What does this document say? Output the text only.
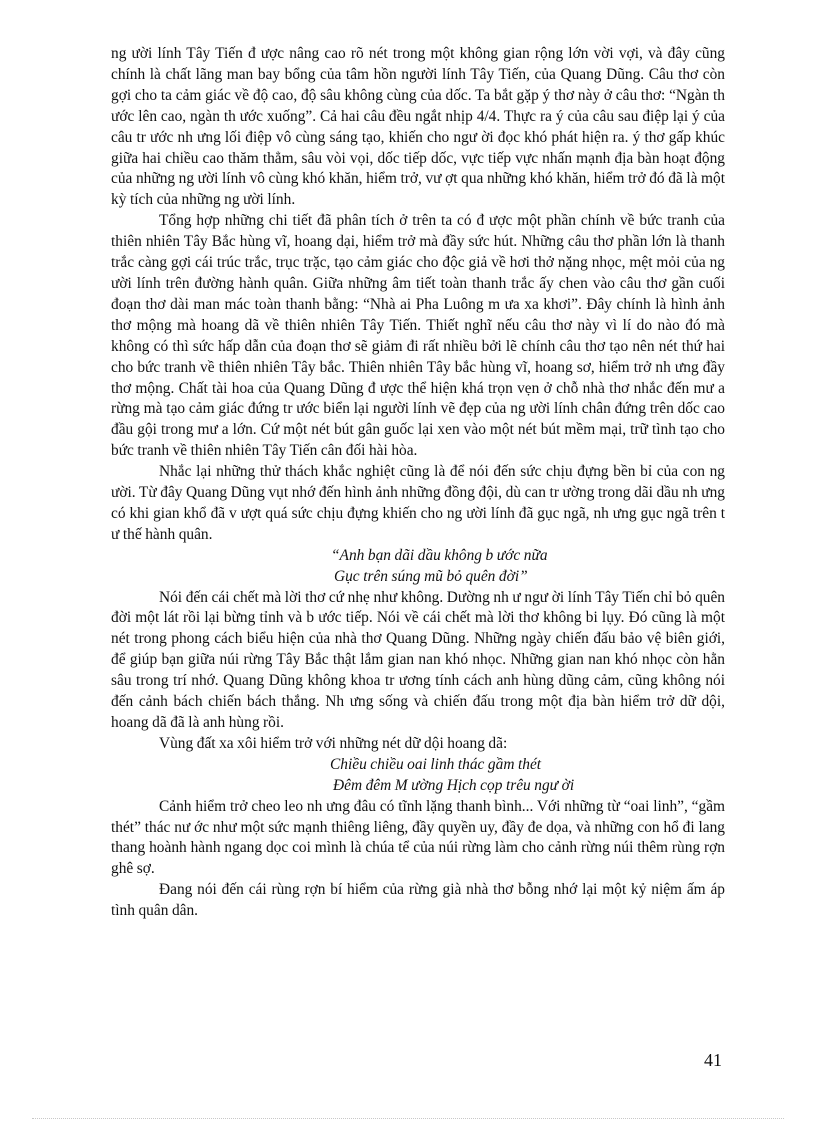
ng ười lính Tây Tiến đ ược nâng cao rõ nét trong một không gian rộng lớn vời vợi, và đây cũng chính là chất lãng man bay bổng của tâm hồn người lính Tây Tiến, của Quang Dũng. Câu thơ còn gợi cho ta cảm giác về độ cao, độ sâu không cùng của dốc. Ta bắt gặp ý thơ này ở câu thơ: “Ngàn th ước lên cao, ngàn th ước xuống”. Cả hai câu đều ngắt nhịp 4/4. Thực ra ý của câu sau điệp lại ý của câu tr ước nh ưng lối điệp vô cùng sáng tạo, khiến cho ngư ời đọc khó phát hiện ra. ý thơ gấp khúc giữa hai chiều cao thăm thẳm, sâu vòi vọi, dốc tiếp dốc, vực tiếp vực nhấn mạnh địa bàn hoạt động của những ng ười lính vô cùng khó khăn, hiểm trở, vư ợt qua những khó khăn, hiểm trở đó đã là một kỳ tích của những ng ười lính.

Tổng hợp những chi tiết đã phân tích ở trên ta có đ ược một phần chính về bức tranh của thiên nhiên Tây Bắc hùng vĩ, hoang dại, hiểm trở mà đầy sức hút. Những câu thơ phần lớn là thanh trắc càng gợi cái trúc trắc, trục trặc, tạo cảm giác cho độc giả về hơi thở nặng nhọc, mệt mỏi của ng ười lính trên đường hành quân. Giữa những âm tiết toàn thanh trắc ấy chen vào câu thơ gần cuối đoạn thơ dài man mác toàn thanh bằng: “Nhà ai Pha Luông m ưa xa khơi”. Đây chính là hình ảnh thơ mộng mà hoang dã về thiên nhiên Tây Tiến. Thiết nghĩ nếu câu thơ này vì lí do nào đó mà không có thì sức hấp dẫn của đoạn thơ sẽ giảm đi rất nhiều bởi lẽ chính câu thơ tạo nên nét thứ hai cho bức tranh về thiên nhiên Tây bắc. Thiên nhiên Tây bắc hùng vĩ, hoang sơ, hiểm trở nh ưng đầy thơ mộng. Chất tài hoa của Quang Dũng đ ược thể hiện khá trọn vẹn ở chỗ nhà thơ nhắc đến mư a rừng mà tạo cảm giác đứng tr ước biển lại người lính vẽ đẹp của ng ười lính chân đứng trên dốc cao đầu gội trong mư a lớn. Cứ một nét bút gân guốc lại xen vào một nét bút mềm mại, trữ tình tạo cho bức tranh về thiên nhiên Tây Tiến cân đối hài hòa.

Nhắc lại những thử thách khắc nghiệt cũng là để nói đến sức chịu đựng bền bỉ của con ng ười. Từ đây Quang Dũng vụt nhớ đến hình ảnh những đồng đội, dù can tr ường trong dãi dầu nh ưng có khi gian khổ đã v ượt quá sức chịu đựng khiến cho ng ười lính đã gục ngã, nh ưng gục ngã trên t ư thế hành quân.

“Anh bạn dãi dầu không b ước nữa

Gục trên súng mũ bỏ quên đời”

Nói đến cái chết mà lời thơ cứ nhẹ như không. Dường nh ư ngư ời lính Tây Tiến chỉ bỏ quên đời một lát rồi lại bừng tỉnh và b ước tiếp. Nói về cái chết mà lời thơ không bi lụy. Đó cũng là một nét trong phong cách biểu hiện của nhà thơ Quang Dũng. Những ngày chiến đấu bảo vệ biên giới, để giúp bạn giữa núi rừng Tây Bắc thật lắm gian nan khó nhọc. Những gian nan khó nhọc còn hằn sâu trong trí nhớ. Quang Dũng không khoa tr ương tính cách anh hùng dũng cảm, cũng không nói đến cảnh bách chiến bách thắng. Nh ưng sống và chiến đấu trong một địa bàn hiểm trở dữ dội, hoang dã đã là anh hùng rồi.

Vùng đất xa xôi hiểm trở với những nét dữ dội hoang dã:

Chiều chiều oai linh thác gầm thét

Đêm đêm M ường Hịch cọp trêu ngư ời

Cảnh hiểm trở cheo leo nh ưng đâu có tĩnh lặng thanh bình... Với những từ “oai linh”, “gầm thét” thác nư ớc như một sức mạnh thiêng liêng, đầy quyền uy, đầy đe dọa, và những con hổ đi lang thang hoành hành ngang dọc coi mình là chúa tể của núi rừng làm cho cảnh rừng núi thêm rùng rợn ghê sợ.

Đang nói đến cái rùng rợn bí hiểm của rừng già nhà thơ bỗng nhớ lại một kỷ niệm ấm áp tình quân dân.

41
